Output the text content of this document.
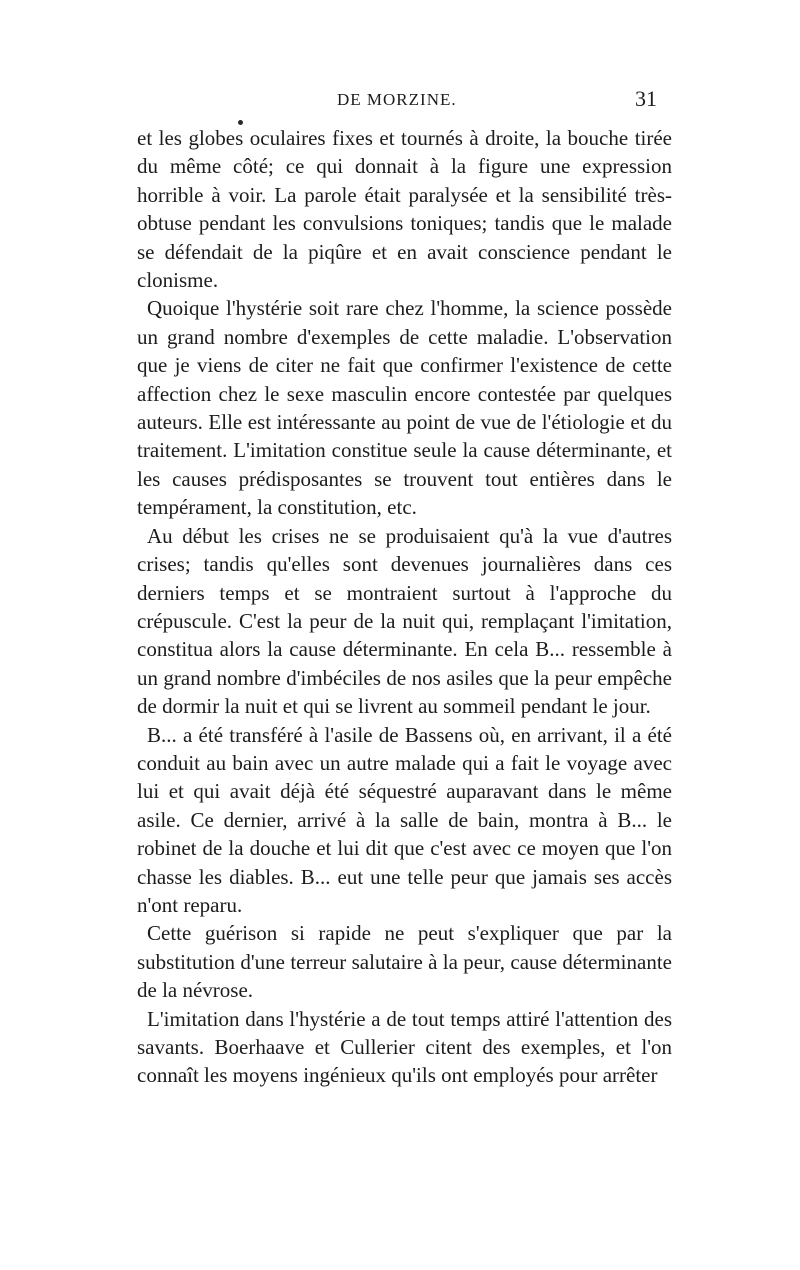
DE MORZINE.	31

et les globes oculaires fixes et tournés à droite, la bouche tirée du même côté; ce qui donnait à la figure une expression horrible à voir. La parole était paralysée et la sensibilité très-obtuse pendant les convulsions toniques; tandis que le malade se défendait de la piqûre et en avait conscience pendant le clonisme.

Quoique l'hystérie soit rare chez l'homme, la science possède un grand nombre d'exemples de cette maladie. L'observation que je viens de citer ne fait que confirmer l'existence de cette affection chez le sexe masculin encore contestée par quelques auteurs. Elle est intéressante au point de vue de l'étiologie et du traitement. L'imitation constitue seule la cause déterminante, et les causes prédisposantes se trouvent tout entières dans le tempérament, la constitution, etc.

Au début les crises ne se produisaient qu'à la vue d'autres crises; tandis qu'elles sont devenues journalières dans ces derniers temps et se montraient surtout à l'approche du crépuscule. C'est la peur de la nuit qui, remplaçant l'imitation, constitua alors la cause déterminante. En cela B... ressemble à un grand nombre d'imbéciles de nos asiles que la peur empêche de dormir la nuit et qui se livrent au sommeil pendant le jour.

B... a été transféré à l'asile de Bassens où, en arrivant, il a été conduit au bain avec un autre malade qui a fait le voyage avec lui et qui avait déjà été séquestré auparavant dans le même asile. Ce dernier, arrivé à la salle de bain, montra à B... le robinet de la douche et lui dit que c'est avec ce moyen que l'on chasse les diables. B... eut une telle peur que jamais ses accès n'ont reparu.

Cette guérison si rapide ne peut s'expliquer que par la substitution d'une terreur salutaire à la peur, cause déterminante de la névrose.

L'imitation dans l'hystérie a de tout temps attiré l'attention des savants. Boerhaave et Cullerier citent des exemples, et l'on connaît les moyens ingénieux qu'ils ont employés pour arrêter
